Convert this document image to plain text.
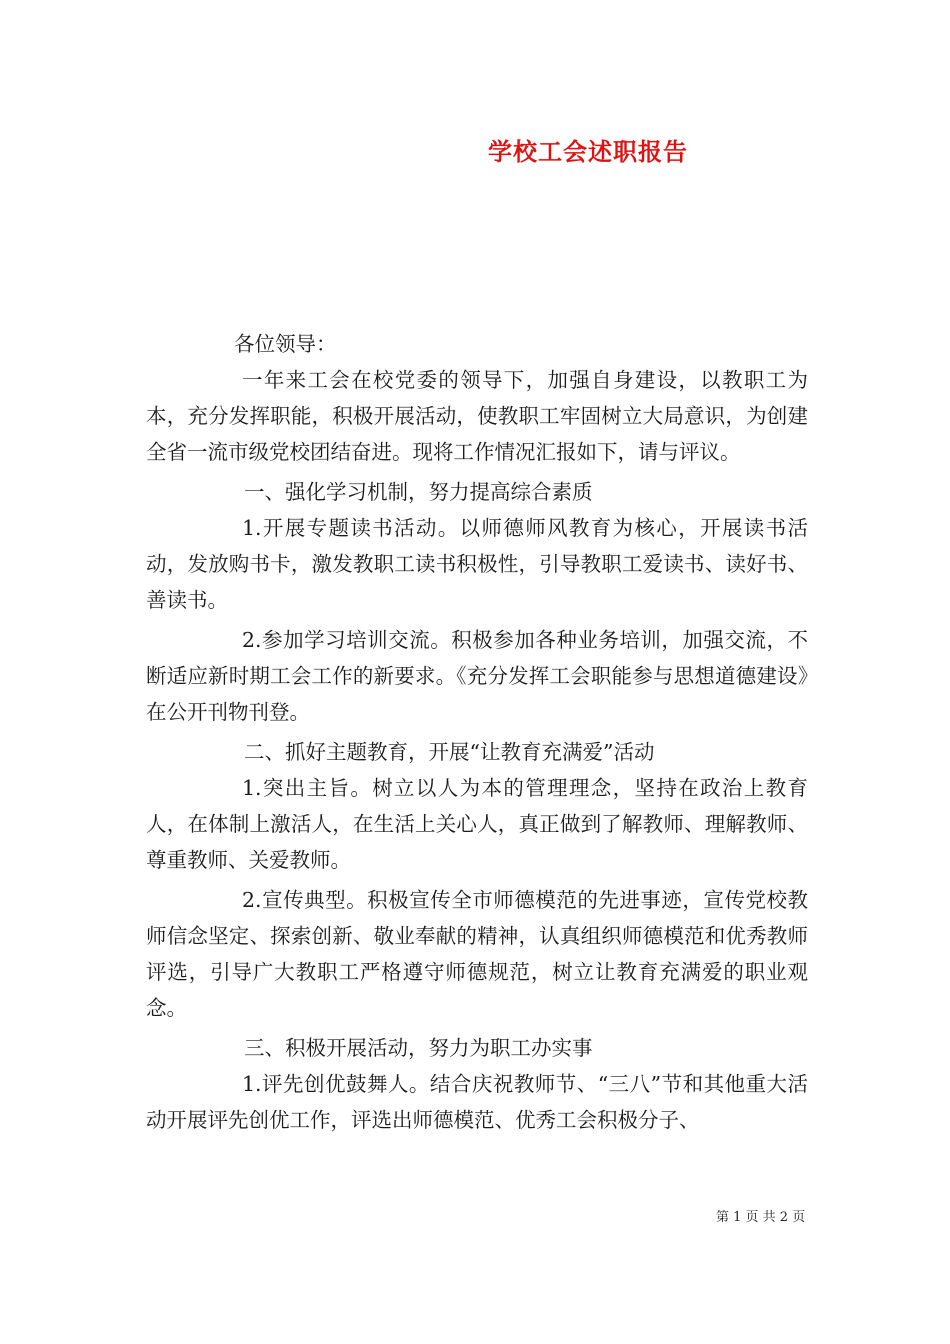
学校工会述职报告

各位领导：

一年来工会在校党委的领导下，加强自身建设，以教职工为本，充分发挥职能，积极开展活动，使教职工牢固树立大局意识，为创建全省一流市级党校团结奋进。现将工作情况汇报如下，请与评议。

一、强化学习机制，努力提高综合素质

1.开展专题读书活动。以师德师风教育为核心，开展读书活动，发放购书卡，激发教职工读书积极性，引导教职工爱读书、读好书、善读书。

2.参加学习培训交流。积极参加各种业务培训，加强交流，不断适应新时期工会工作的新要求。《充分发挥工会职能参与思想道德建设》在公开刊物刊登。

二、抓好主题教育，开展“让教育充满爱”活动

1.突出主旨。树立以人为本的管理理念，坚持在政治上教育人，在体制上激活人，在生活上关心人，真正做到了解教师、理解教师、尊重教师、关爱教师。

2.宣传典型。积极宣传全市师德模范的先进事迹，宣传党校教师信念坚定、探索创新、敬业奉献的精神，认真组织师德模范和优秀教师评选，引导广大教职工严格遵守师德规范，树立让教育充满爱的职业观念。

三、积极开展活动，努力为职工办实事

1.评先创优鼓舞人。结合庆祝教师节、“三八”节和其他重大活动开展评先创优工作，评选出师德模范、优秀工会积极分子、

第 1 页 共 2 页
